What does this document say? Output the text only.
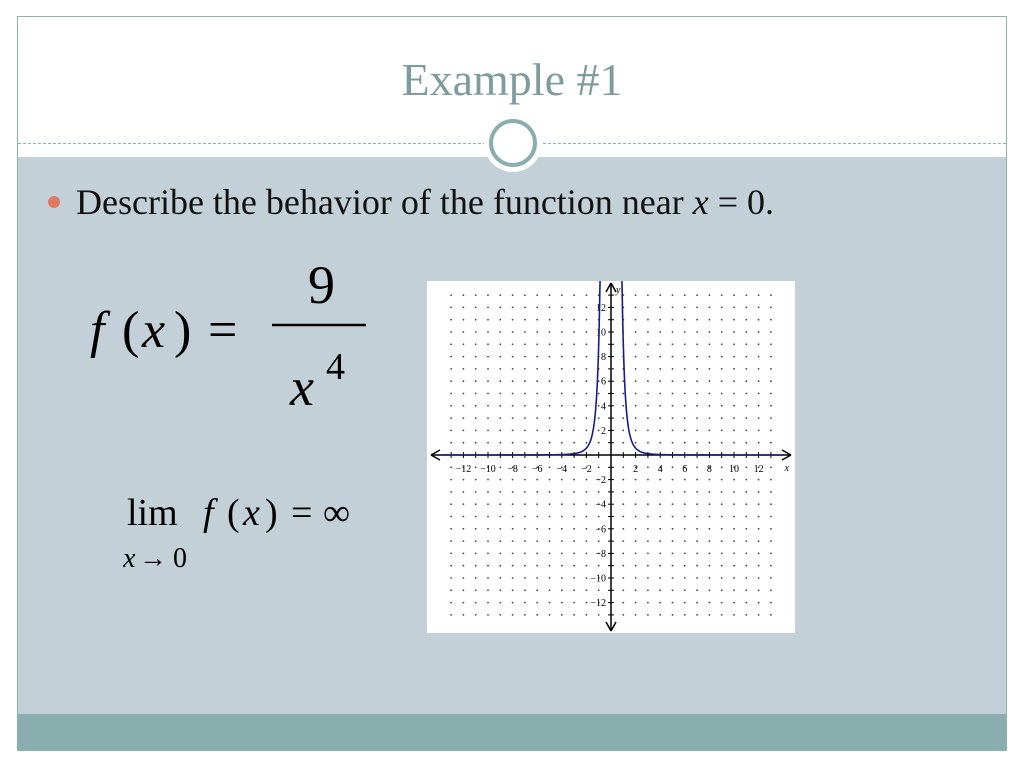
Example #1
Describe the behavior of the function near x = 0.
f ( x ) =
9
x 4
lim
x → 0
f ( x ) = ∞
x
y
−12 −10 −8 −6 −4 −2	2 4 6 8 10 12
12
10
8
6
4
2
−2
−4
−6
−8
−10
−12
